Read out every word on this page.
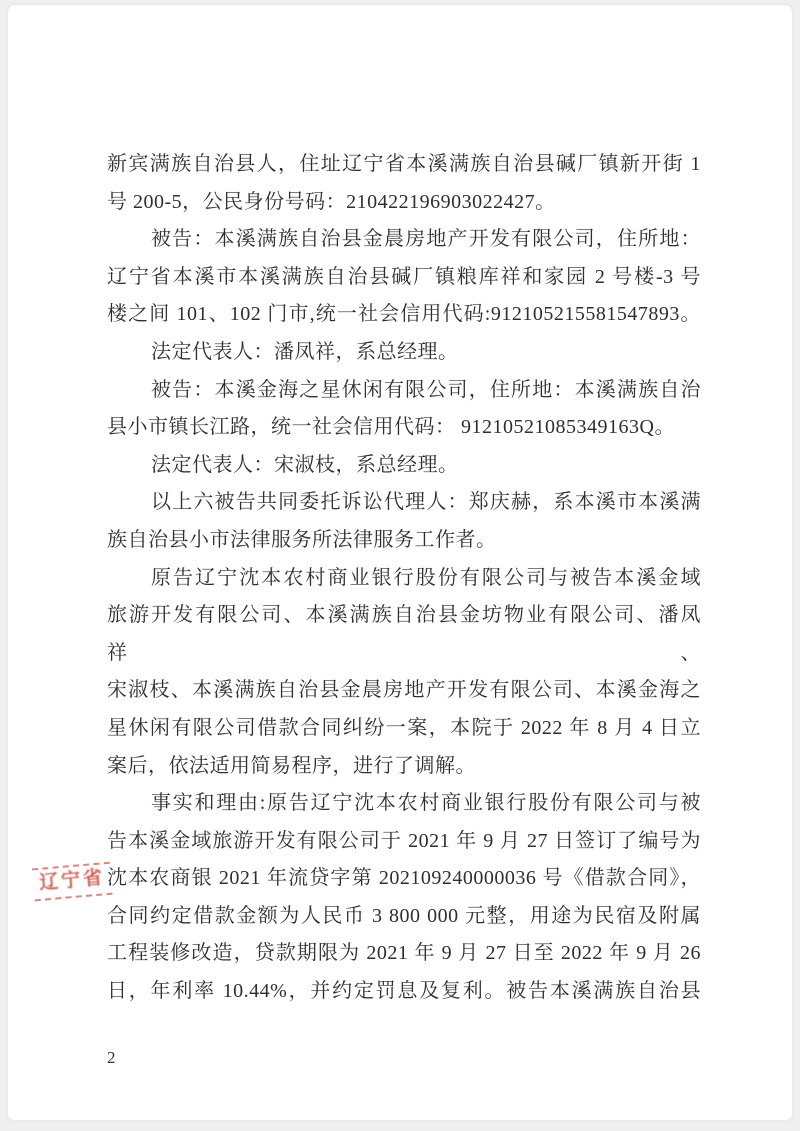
新宾满族自治县人，住址辽宁省本溪满族自治县碱厂镇新开街 1
号 200-5，公民身份号码：210422196903022427。
被告：本溪满族自治县金晨房地产开发有限公司，住所地：
辽宁省本溪市本溪满族自治县碱厂镇粮库祥和家园 2 号楼-3 号
楼之间 101、102 门市,统一社会信用代码:912105215581547893。
法定代表人：潘凤祥，系总经理。
被告：本溪金海之星休闲有限公司，住所地：本溪满族自治
县小市镇长江路，统一社会信用代码： 91210521085349163Q。
法定代表人：宋淑枝，系总经理。
以上六被告共同委托诉讼代理人：郑庆赫，系本溪市本溪满
族自治县小市法律服务所法律服务工作者。
原告辽宁沈本农村商业银行股份有限公司与被告本溪金域
旅游开发有限公司、本溪满族自治县金坊物业有限公司、潘凤祥、
宋淑枝、本溪满族自治县金晨房地产开发有限公司、本溪金海之
星休闲有限公司借款合同纠纷一案，本院于 2022 年 8 月 4 日立
案后，依法适用简易程序，进行了调解。
事实和理由:原告辽宁沈本农村商业银行股份有限公司与被
告本溪金域旅游开发有限公司于 2021 年 9 月 27 日签订了编号为
沈本农商银 2021 年流贷字第 202109240000036 号《借款合同》，
合同约定借款金额为人民币 3 800 000 元整，用途为民宿及附属
工程装修改造，贷款期限为 2021 年 9 月 27 日至 2022 年 9 月 26
日，年利率 10.44%，并约定罚息及复利。被告本溪满族自治县
辽宁省
2
